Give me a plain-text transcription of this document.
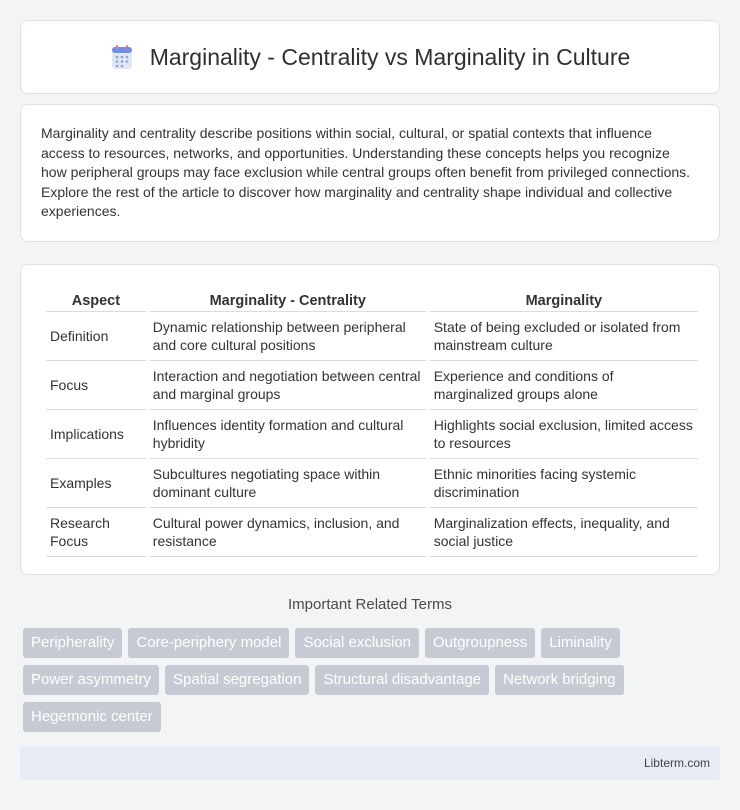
Marginality - Centrality vs Marginality in Culture

Marginality and centrality describe positions within social, cultural, or spatial contexts that influence access to resources, networks, and opportunities. Understanding these concepts helps you recognize how peripheral groups may face exclusion while central groups often benefit from privileged connections. Explore the rest of the article to discover how marginality and centrality shape individual and collective experiences.

Aspect	Marginality - Centrality	Marginality
Definition	Dynamic relationship between peripheral and core cultural positions	State of being excluded or isolated from mainstream culture
Focus	Interaction and negotiation between central and marginal groups	Experience and conditions of marginalized groups alone
Implications	Influences identity formation and cultural hybridity	Highlights social exclusion, limited access to resources
Examples	Subcultures negotiating space within dominant culture	Ethnic minorities facing systemic discrimination
Research Focus	Cultural power dynamics, inclusion, and resistance	Marginalization effects, inequality, and social justice
Important Related Terms
Peripherality	Core-periphery model	Social exclusion	Outgroupness	Liminality
Power asymmetry	Spatial segregation	Structural disadvantage	Network bridging
Hegemonic center
Libterm.com
